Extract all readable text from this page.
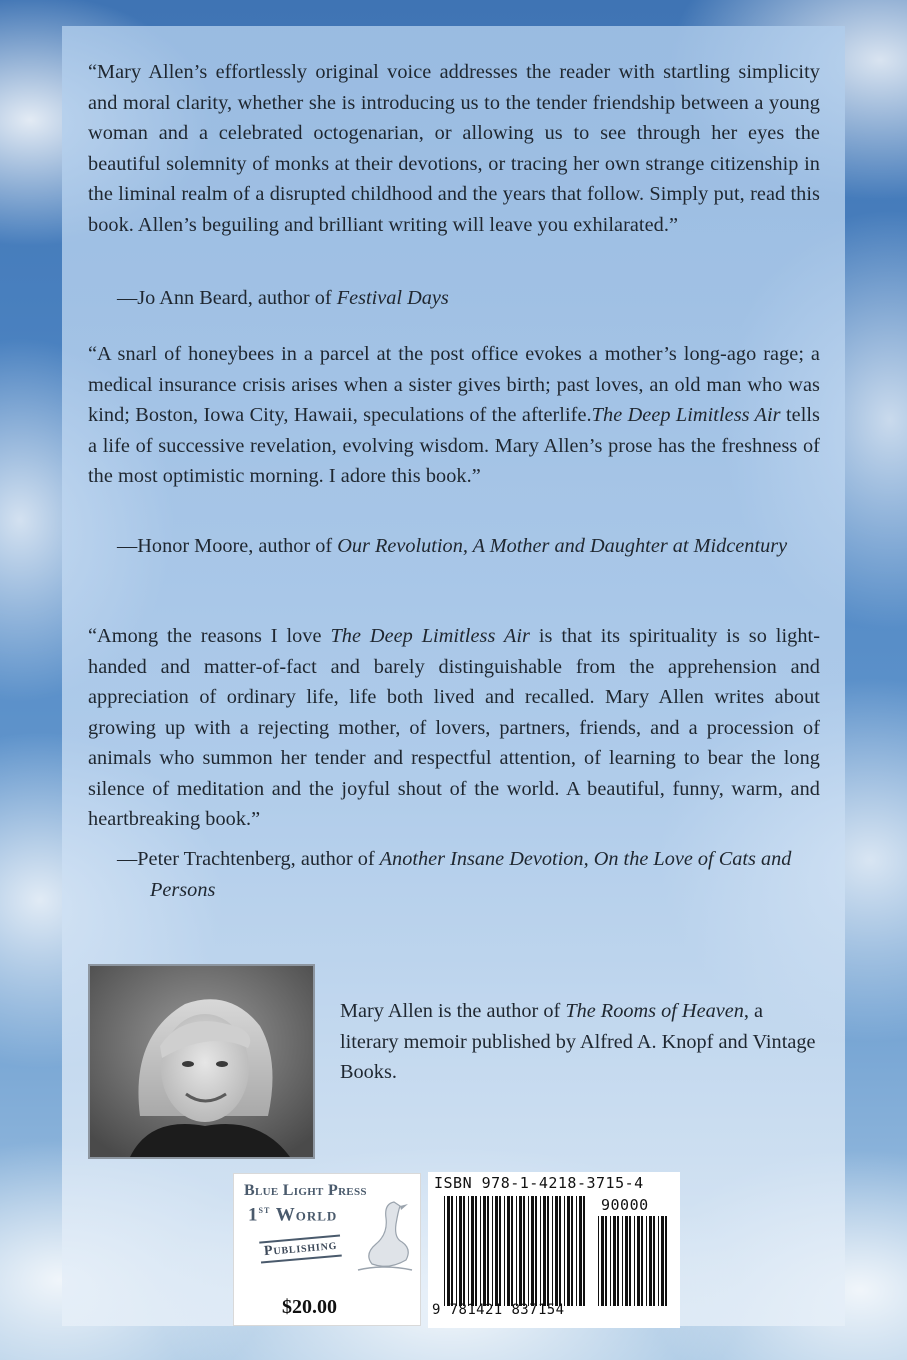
“Mary Allen’s effortlessly original voice addresses the reader with startling simplicity and moral clarity, whether she is introducing us to the tender friendship between a young woman and a celebrated octogenarian, or allowing us to see through her eyes the beautiful solemnity of monks at their devotions, or tracing her own strange citizenship in the liminal realm of a disrupted childhood and the years that follow. Simply put, read this book. Allen’s beguiling and brilliant writing will leave you exhilarated.”

—Jo Ann Beard, author of Festival Days

“A snarl of honeybees in a parcel at the post office evokes a mother’s long-ago rage; a medical insurance crisis arises when a sister gives birth; past loves, an old man who was kind; Boston, Iowa City, Hawaii, speculations of the afterlife.The Deep Limitless Air tells a life of successive revelation, evolving wisdom. Mary Allen’s prose has the freshness of the most optimistic morning. I adore this book.”

—Honor Moore, author of Our Revolution, A Mother and Daughter at Midcentury

“Among the reasons I love The Deep Limitless Air is that its spirituality is so light-handed and matter-of-fact and barely distinguishable from the apprehension and appreciation of ordinary life, life both lived and recalled. Mary Allen writes about growing up with a rejecting mother, of lovers, partners, friends, and a procession of animals who summon her tender and respectful attention, of learning to bear the long silence of meditation and the joyful shout of the world. A beautiful, funny, warm, and heartbreaking book.”

—Peter Trachtenberg, author of Another Insane Devotion, On the Love of Cats and Persons

Mary Allen is the author of The Rooms of Heaven, a literary memoir published by Alfred A. Knopf and Vintage Books.

Blue Light Press
1st World
Publishing
$20.00
ISBN 978-1-4218-3715-4
90000
9 781421 837154
